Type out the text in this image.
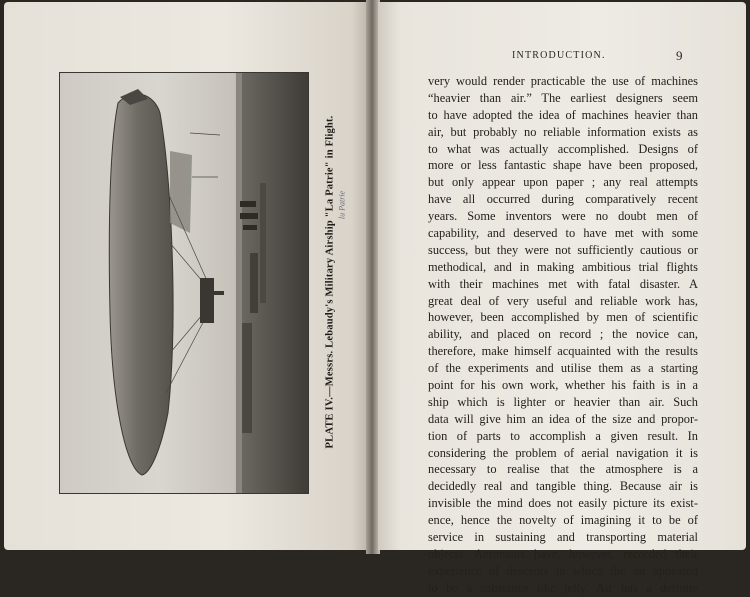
PLATE IV.—Messrs. Lebaudy's Military Airship "La Patrie" in Flight. lu Patrie
INTRODUCTION.	9
very would render practicable the use of machines
“heavier than air.” The earliest designers seem
to have adopted the idea of machines heavier than
air, but probably no reliable information exists as
to what was actually accomplished. Designs of
more or less fantastic shape have been proposed,
but only appear upon paper ; any real attempts
have all occurred during comparatively recent
years. Some inventors were no doubt men of
capability, and deserved to have met with some
success, but they were not sufficiently cautious or
methodical, and in making ambitious trial flights
with their machines met with fatal disaster. A
great deal of very useful and reliable work has,
however, been accomplished by men of scientific
ability, and placed on record ; the novice can,
therefore, make himself acquainted with the results
of the experiments and utilise them as a starting
point for his own work, whether his faith is in a
ship which is lighter or heavier than air. Such
data will give him an idea of the size and propor-
tion of parts to accomplish a given result. In
considering the problem of aerial navigation it is
necessary to realise that the atmosphere is a
decidedly real and tangible thing. Because air is
invisible the mind does not easily picture its exist-
ence, hence the novelty of imagining it to be of
service in sustaining and transporting material
objects. Aeronauts have, however, recorded their
experience of descents in which the air appeared
to be a substance like jelly. Air has a definite
